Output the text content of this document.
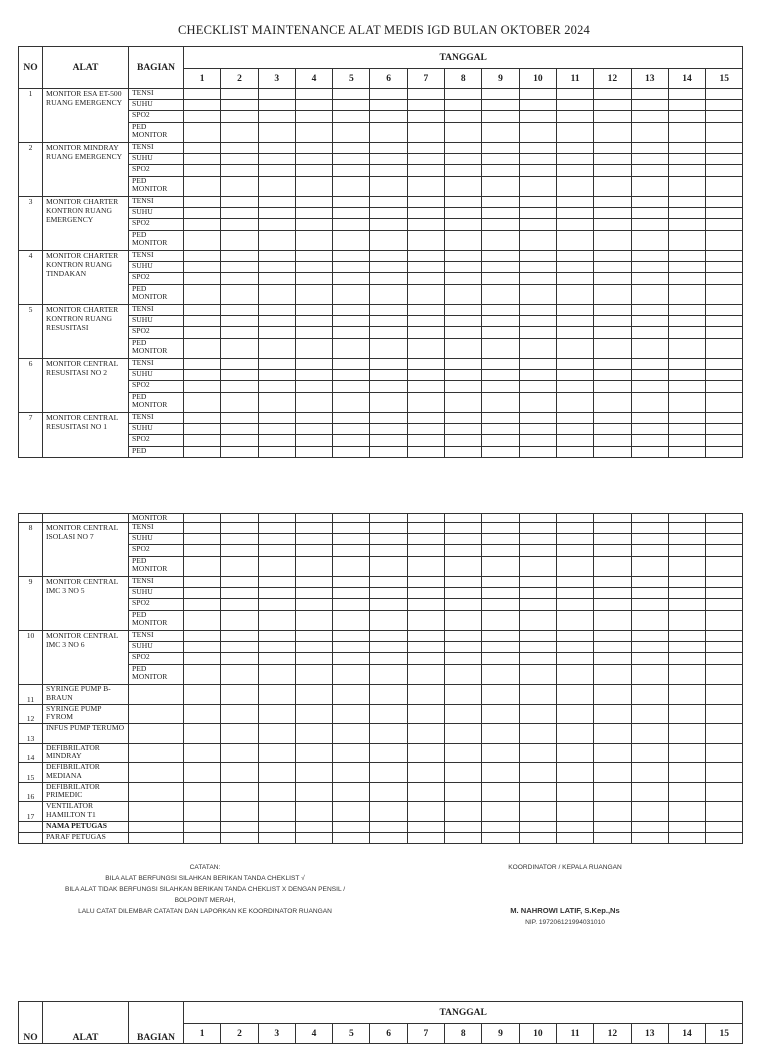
CHECKLIST MAINTENANCE ALAT MEDIS IGD BULAN OKTOBER 2024
NO	ALAT	BAGIAN	TANGGAL														
			1	2	3	4	5	6	7	8	9	10	11	12	13	14	15
1	MONITOR ESA ET-500 RUANG EMERGENCY	TENSI															
		SUHU															
		SPO2															
		PED MONITOR															
2	MONITOR MINDRAY RUANG EMERGENCY	TENSI															
		SUHU															
		SPO2															
		PED MONITOR															
3	MONITOR CHARTER KONTRON RUANG EMERGENCY	TENSI															
		SUHU															
		SPO2															
		PED MONITOR															
4	MONITOR CHARTER KONTRON RUANG TINDAKAN	TENSI															
		SUHU															
		SPO2															
		PED MONITOR															
5	MONITOR CHARTER KONTRON RUANG RESUSITASI	TENSI															
		SUHU															
		SPO2															
		PED MONITOR															
6	MONITOR CENTRAL RESUSITASI NO 2	TENSI															
		SUHU															
		SPO2															
		PED MONITOR															
7	MONITOR CENTRAL RESUSITASI NO 1	TENSI															
		SUHU															
		SPO2															
		PED															
		MONITOR															
8	MONITOR CENTRAL ISOLASI NO 7	TENSI															
		SUHU															
		SPO2															
		PED MONITOR															
9	MONITOR CENTRAL IMC 3 NO 5	TENSI															
		SUHU															
		SPO2															
		PED MONITOR															
10	MONITOR CENTRAL IMC 3 NO 6	TENSI															
		SUHU															
		SPO2															
		PED MONITOR															
11	SYRINGE PUMP B-BRAUN																
12	SYRINGE PUMP FYROM																
13	INFUS PUMP TERUMO																
14	DEFIBRILATOR MINDRAY																
15	DEFIBRILATOR MEDIANA																
16	DEFIBRILATOR PRIMEDIC																
17	VENTILATOR HAMILTON T1																
	NAMA PETUGAS																
	PARAF PETUGAS																
CATATAN:
BILA ALAT BERFUNGSI SILAHKAN BERIKAN TANDA CHEKLIST √
BILA ALAT TIDAK BERFUNGSI SILAHKAN BERIKAN TANDA CHEKLIST X DENGAN PENSIL /
BOLPOINT MERAH,
LALU CATAT DILEMBAR CATATAN DAN LAPORKAN KE KOORDINATOR RUANGAN
KOORDINATOR / KEPALA RUANGAN
M. NAHROWI LATIF, S.Kep.,Ns
NIP. 197206121994031010
NO	ALAT	BAGIAN	TANGGAL														
			1	2	3	4	5	6	7	8	9	10	11	12	13	14	15
